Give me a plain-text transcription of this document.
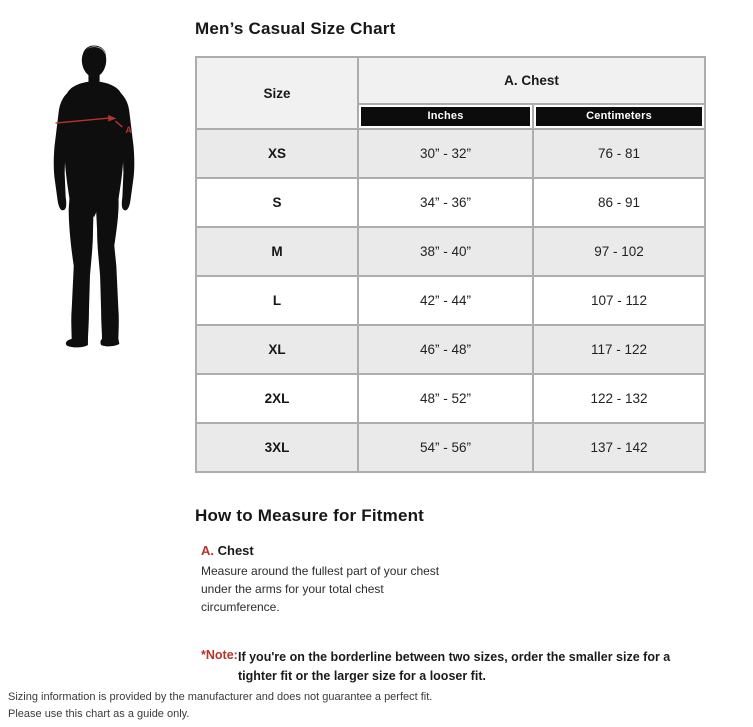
A
Men’s Casual Size Chart
Size	A. Chest	

	Inches	Centimeters

XS	30” - 32”	76 - 81
S	34” - 36”	86 - 91
M	38” - 40”	97 - 102
L	42” - 44”	107 - 112
XL	46” - 48”	117 - 122
2XL	48” - 52”	122 - 132
3XL	54” - 56”	137 - 142
How to Measure for Fitment
A. Chest

Measure around the fullest part of your chest under the arms for your total chest circumference.

*Note: If you're on the borderline between two sizes, order the smaller size for a tighter fit or the larger size for a looser fit.
Sizing information is provided by the manufacturer and does not guarantee a perfect fit.
Please use this chart as a guide only.
